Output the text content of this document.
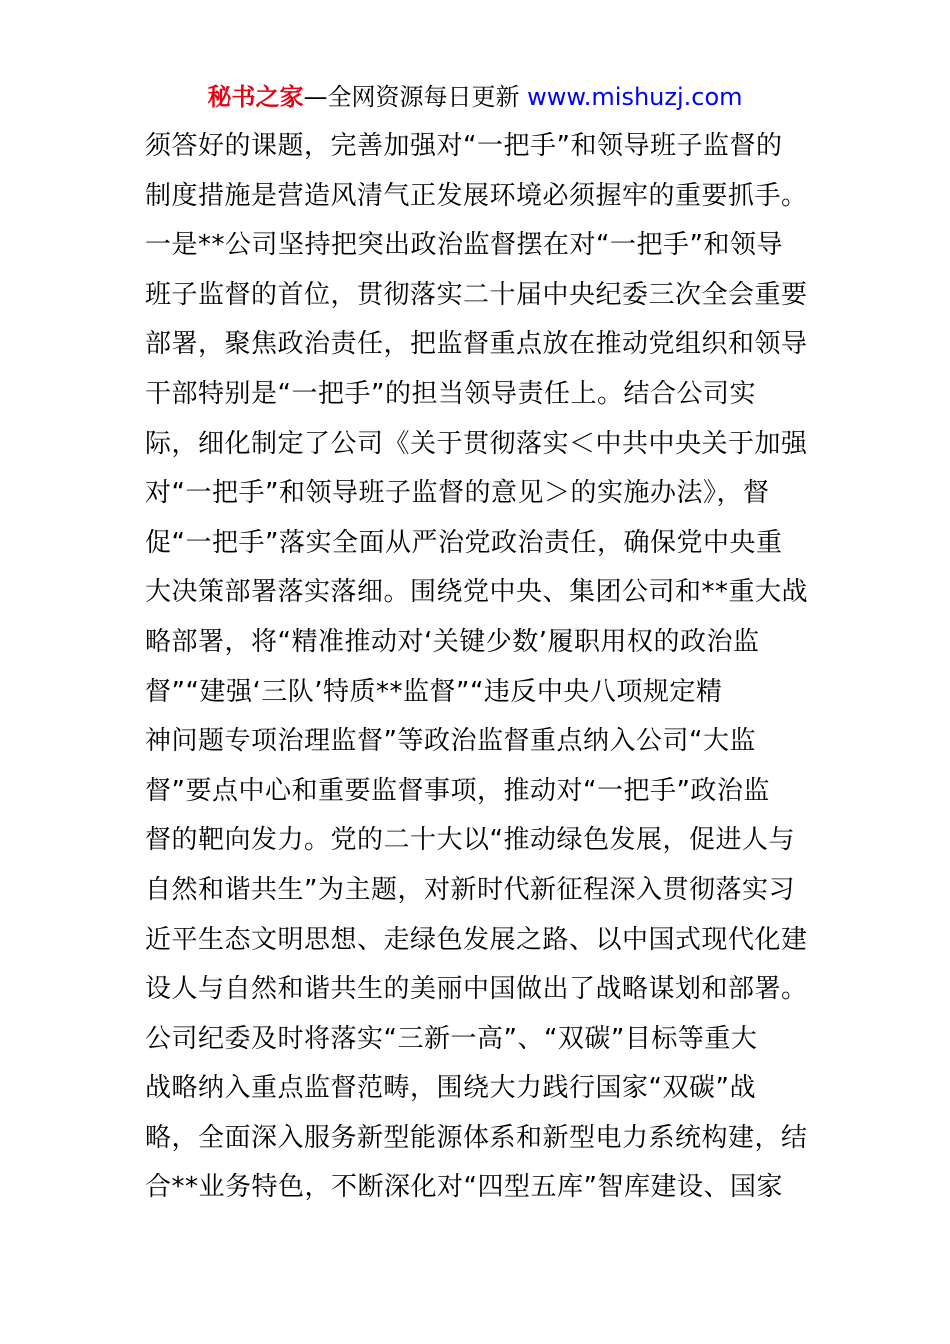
秘书之家—全网资源每日更新 www.mishuzj.com
须答好的课题，完善加强对“一把手”和领导班子监督的
制度措施是营造风清气正发展环境必须握牢的重要抓手。
一是**公司坚持把突出政治监督摆在对“一把手”和领导
班子监督的首位，贯彻落实二十届中央纪委三次全会重要
部署，聚焦政治责任，把监督重点放在推动党组织和领导
干部特别是“一把手”的担当领导责任上。结合公司实
际，细化制定了公司《关于贯彻落实＜中共中央关于加强
对“一把手”和领导班子监督的意见＞的实施办法》，督
促“一把手”落实全面从严治党政治责任，确保党中央重
大决策部署落实落细。围绕党中央、集团公司和**重大战
略部署，将“精准推动对‘关键少数’履职用权的政治监
督”“建强‘三队’特质**监督”“违反中央八项规定精
神问题专项治理监督”等政治监督重点纳入公司“大监
督”要点中心和重要监督事项，推动对“一把手”政治监
督的靶向发力。党的二十大以“推动绿色发展，促进人与
自然和谐共生”为主题，对新时代新征程深入贯彻落实习
近平生态文明思想、走绿色发展之路、以中国式现代化建
设人与自然和谐共生的美丽中国做出了战略谋划和部署。
公司纪委及时将落实“三新一高”、“双碳”目标等重大
战略纳入重点监督范畴，围绕大力践行国家“双碳”战
略，全面深入服务新型能源体系和新型电力系统构建，结
合**业务特色，不断深化对“四型五库”智库建设、国家
